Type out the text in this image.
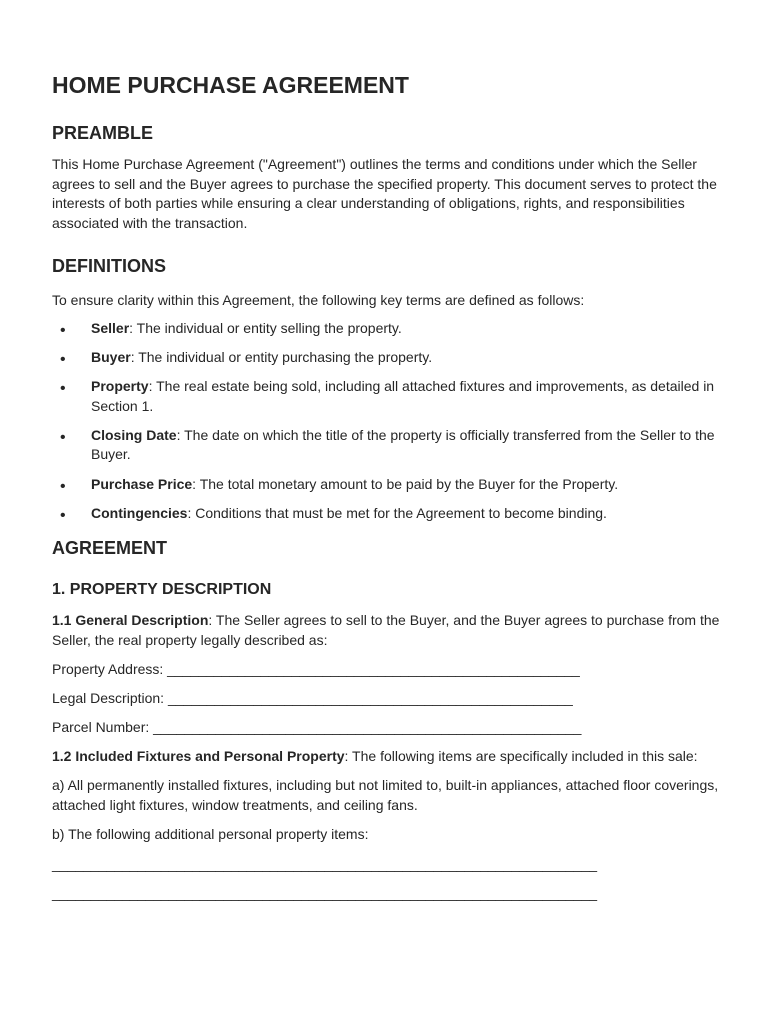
HOME PURCHASE AGREEMENT
PREAMBLE

This Home Purchase Agreement ("Agreement") outlines the terms and conditions under which the Seller agrees to sell and the Buyer agrees to purchase the specified property. This document serves to protect the interests of both parties while ensuring a clear understanding of obligations, rights, and responsibilities associated with the transaction.

DEFINITIONS

To ensure clarity within this Agreement, the following key terms are defined as follows:

• Seller: The individual or entity selling the property.
• Buyer: The individual or entity purchasing the property.
• Property: The real estate being sold, including all attached fixtures and improvements, as detailed in Section 1.
• Closing Date: The date on which the title of the property is officially transferred from the Seller to the Buyer.
• Purchase Price: The total monetary amount to be paid by the Buyer for the Property.
• Contingencies: Conditions that must be met for the Agreement to become binding.
AGREEMENT
1. PROPERTY DESCRIPTION

1.1 General Description: The Seller agrees to sell to the Buyer, and the Buyer agrees to purchase from the Seller, the real property legally described as:

Property Address: _____________________________________________________

Legal Description: ____________________________________________________

Parcel Number: _______________________________________________________

1.2 Included Fixtures and Personal Property: The following items are specifically included in this sale:

a) All permanently installed fixtures, including but not limited to, built-in appliances, attached floor coverings, attached light fixtures, window treatments, and ceiling fans.

b) The following additional personal property items:

______________________________________________________________________

______________________________________________________________________
